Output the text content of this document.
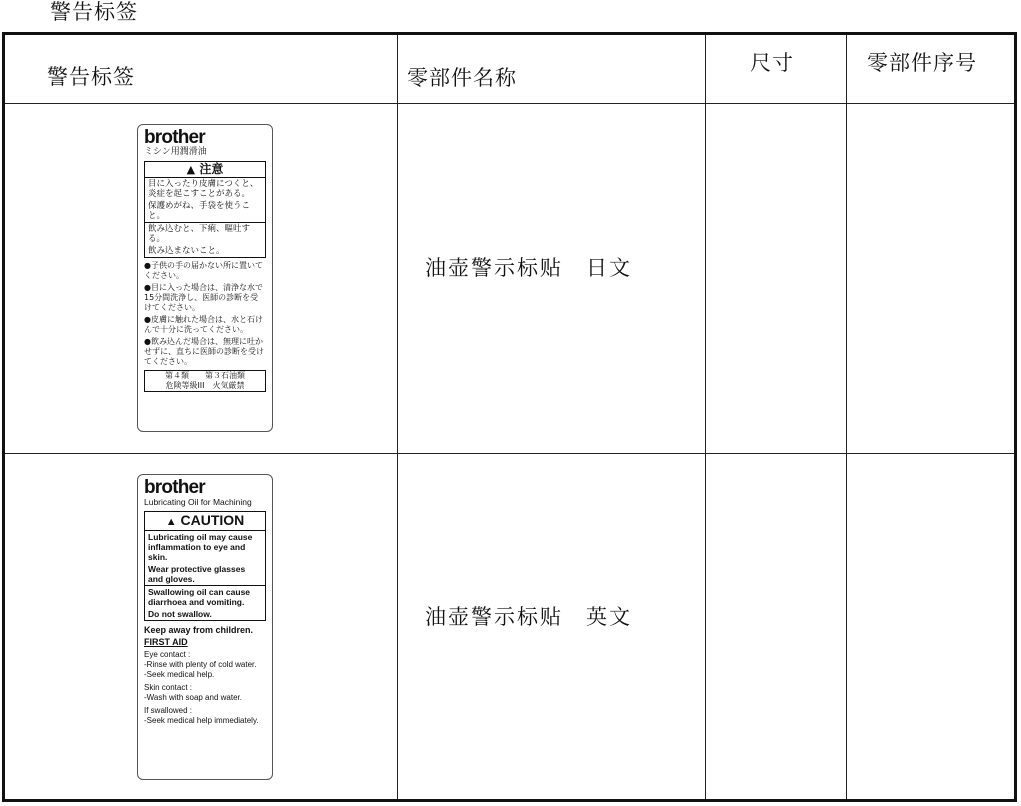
警告标签
警告标签	零部件名称
尺寸	零部件序号
油壶警示标贴　日文
油壶警示标贴　英文
brother
ミシン用潤滑油
▲ 注意
目に入ったり皮膚につくと、炎症を起こすことがある。
保護めがね、手袋を使うこと。
飲み込むと、下痢、嘔吐する。
飲み込まないこと。
●子供の手の届かない所に置いてください。
●目に入った場合は、清浄な水で15分間洗浄し、医師の診断を受けてください。
●皮膚に触れた場合は、水と石けんで十分に洗ってください。
●飲み込んだ場合は、無理に吐かせずに、直ちに医師の診断を受けてください。
第４類　　第３石油類
危険等級III　火気厳禁
brother
Lubricating Oil for Machining
▲ CAUTION
Lubricating oil may cause inflammation to eye and skin.
Wear protective glasses and gloves.
Swallowing oil can cause diarrhoea and vomiting.
Do not swallow.
Keep away from children.
FIRST AID
Eye contact :
-Rinse with plenty of cold water.
-Seek medical help.
Skin contact :
-Wash with soap and water.
If swallowed :
-Seek medical help immediately.
